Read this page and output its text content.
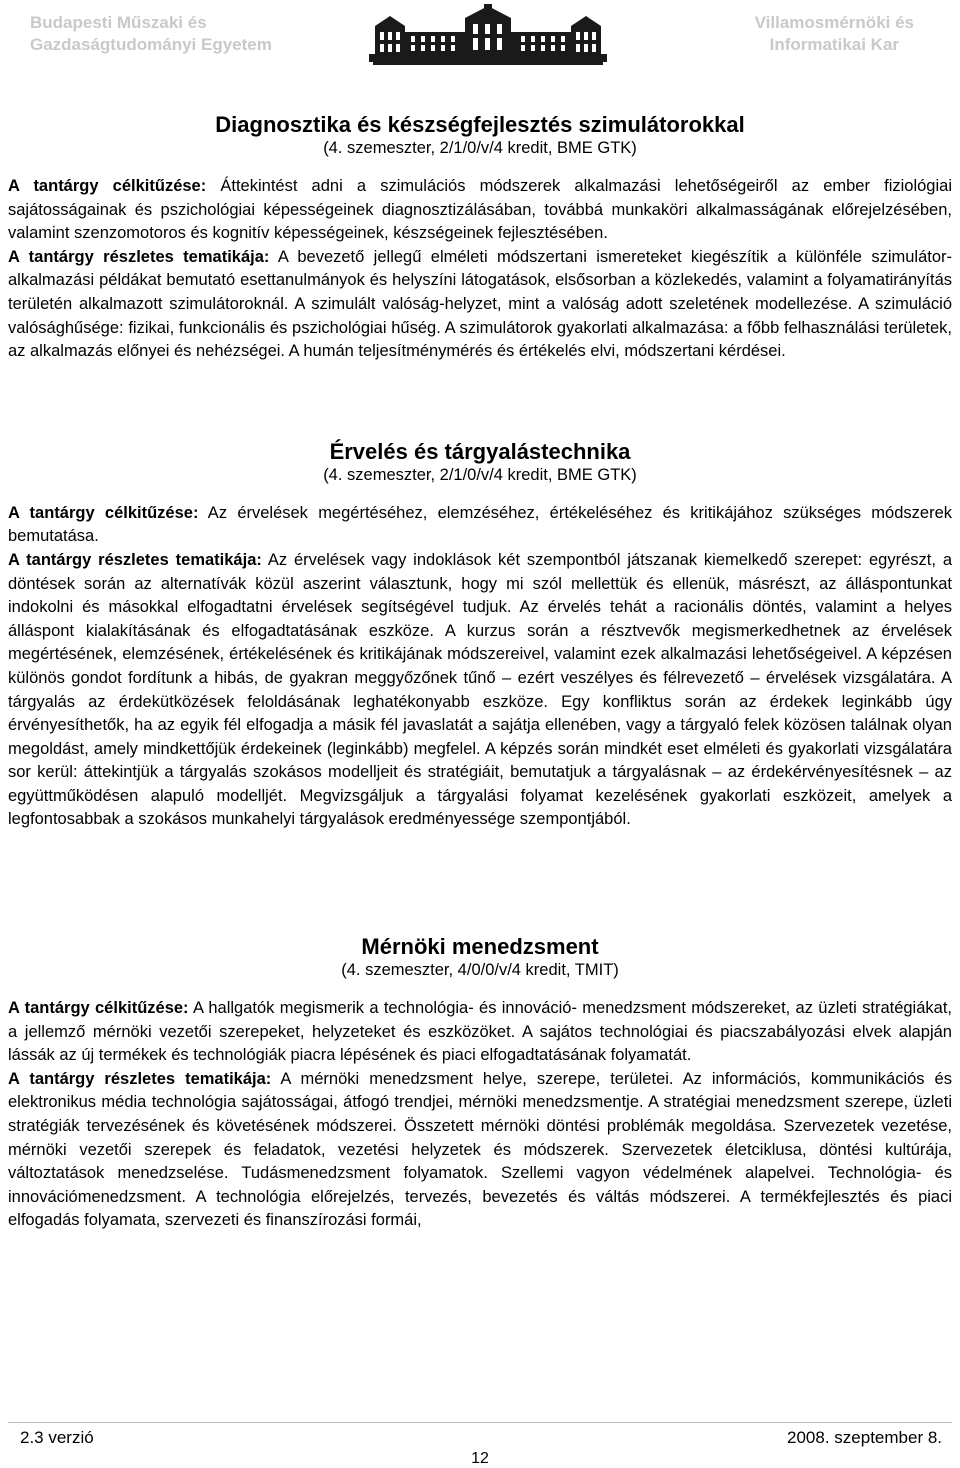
Budapesti Műszaki és
Gazdaságtudományi Egyetem
Villamosmérnöki és
Informatikai Kar
Diagnosztika és készségfejlesztés szimulátorokkal

(4. szemeszter, 2/1/0/v/4 kredit, BME GTK)

A tantárgy célkitűzése: Áttekintést adni a szimulációs módszerek alkalmazási lehetőségeiről az ember fiziológiai sajátosságainak és pszichológiai képességeinek diagnosztizálásában, továbbá munkaköri alkalmasságának előrejelzésében, valamint szenzomotoros és kognitív képességeinek, készségeinek fejlesztésében.

A tantárgy részletes tematikája: A bevezető jellegű elméleti módszertani ismereteket kiegészítik a különféle szimulátor-alkalmazási példákat bemutató esettanulmányok és helyszíni látogatások, elsősorban a közlekedés, valamint a folyamatirányítás területén alkalmazott szimulátoroknál. A szimulált valóság-helyzet, mint a valóság adott szeletének modellezése. A szimuláció valósághűsége: fizikai, funkcionális és pszichológiai hűség. A szimulátorok gyakorlati alkalmazása: a főbb felhasználási területek, az alkalmazás előnyei és nehézségei. A humán teljesítménymérés és értékelés elvi, módszertani kérdései.

Érvelés és tárgyalástechnika

(4. szemeszter, 2/1/0/v/4 kredit, BME GTK)

A tantárgy célkitűzése: Az érvelések megértéséhez, elemzéséhez, értékeléséhez és kritikájához szükséges módszerek bemutatása.

A tantárgy részletes tematikája: Az érvelések vagy indoklások két szempontból játszanak kiemelkedő szerepet: egyrészt, a döntések során az alternatívák közül aszerint választunk, hogy mi szól mellettük és ellenük, másrészt, az álláspontunkat indokolni és másokkal elfogadtatni érvelések segítségével tudjuk. Az érvelés tehát a racionális döntés, valamint a helyes álláspont kialakításának és elfogadtatásának eszköze. A kurzus során a résztvevők megismerkedhetnek az érvelések megértésének, elemzésének, értékelésének és kritikájának módszereivel, valamint ezek alkalmazási lehetőségeivel. A képzésen különös gondot fordítunk a hibás, de gyakran meggyőzőnek tűnő – ezért veszélyes és félrevezető – érvelések vizsgálatára. A tárgyalás az érdekütközések feloldásának leghatékonyabb eszköze. Egy konfliktus során az érdekek leginkább úgy érvényesíthetők, ha az egyik fél elfogadja a másik fél javaslatát a sajátja ellenében, vagy a tárgyaló felek közösen találnak olyan megoldást, amely mindkettőjük érdekeinek (leginkább) megfelel. A képzés során mindkét eset elméleti és gyakorlati vizsgálatára sor kerül: áttekintjük a tárgyalás szokásos modelljeit és stratégiáit, bemutatjuk a tárgyalásnak – az érdekérvényesítésnek – az együttműködésen alapuló modelljét. Megvizsgáljuk a tárgyalási folyamat kezelésének gyakorlati eszközeit, amelyek a legfontosabbak a szokásos munkahelyi tárgyalások eredményessége szempontjából.

Mérnöki menedzsment

(4. szemeszter, 4/0/0/v/4 kredit, TMIT)

A tantárgy célkitűzése: A hallgatók megismerik a technológia- és innováció- menedzsment módszereket, az üzleti stratégiákat, a jellemző mérnöki vezetői szerepeket, helyzeteket és eszközöket. A sajátos technológiai és piacszabályozási elvek alapján lássák az új termékek és technológiák piacra lépésének és piaci elfogadtatásának folyamatát.

A tantárgy részletes tematikája: A mérnöki menedzsment helye, szerepe, területei. Az információs, kommunikációs és elektronikus média technológia sajátosságai, átfogó trendjei, mérnöki menedzsmentje. A stratégiai menedzsment szerepe, üzleti stratégiák tervezésének és követésének módszerei. Összetett mérnöki döntési problémák megoldása. Szervezetek vezetése, mérnöki vezetői szerepek és feladatok, vezetési helyzetek és módszerek. Szervezetek életciklusa, döntési kultúrája, változtatások menedzselése. Tudásmenedzsment folyamatok. Szellemi vagyon védelmének alapelvei. Technológia- és innovációmenedzsment. A technológia előrejelzés, tervezés, bevezetés és váltás módszerei. A termékfejlesztés és piaci elfogadás folyamata, szervezeti és finanszírozási formái,

2.3 verzió	2008. szeptember 8.
12
